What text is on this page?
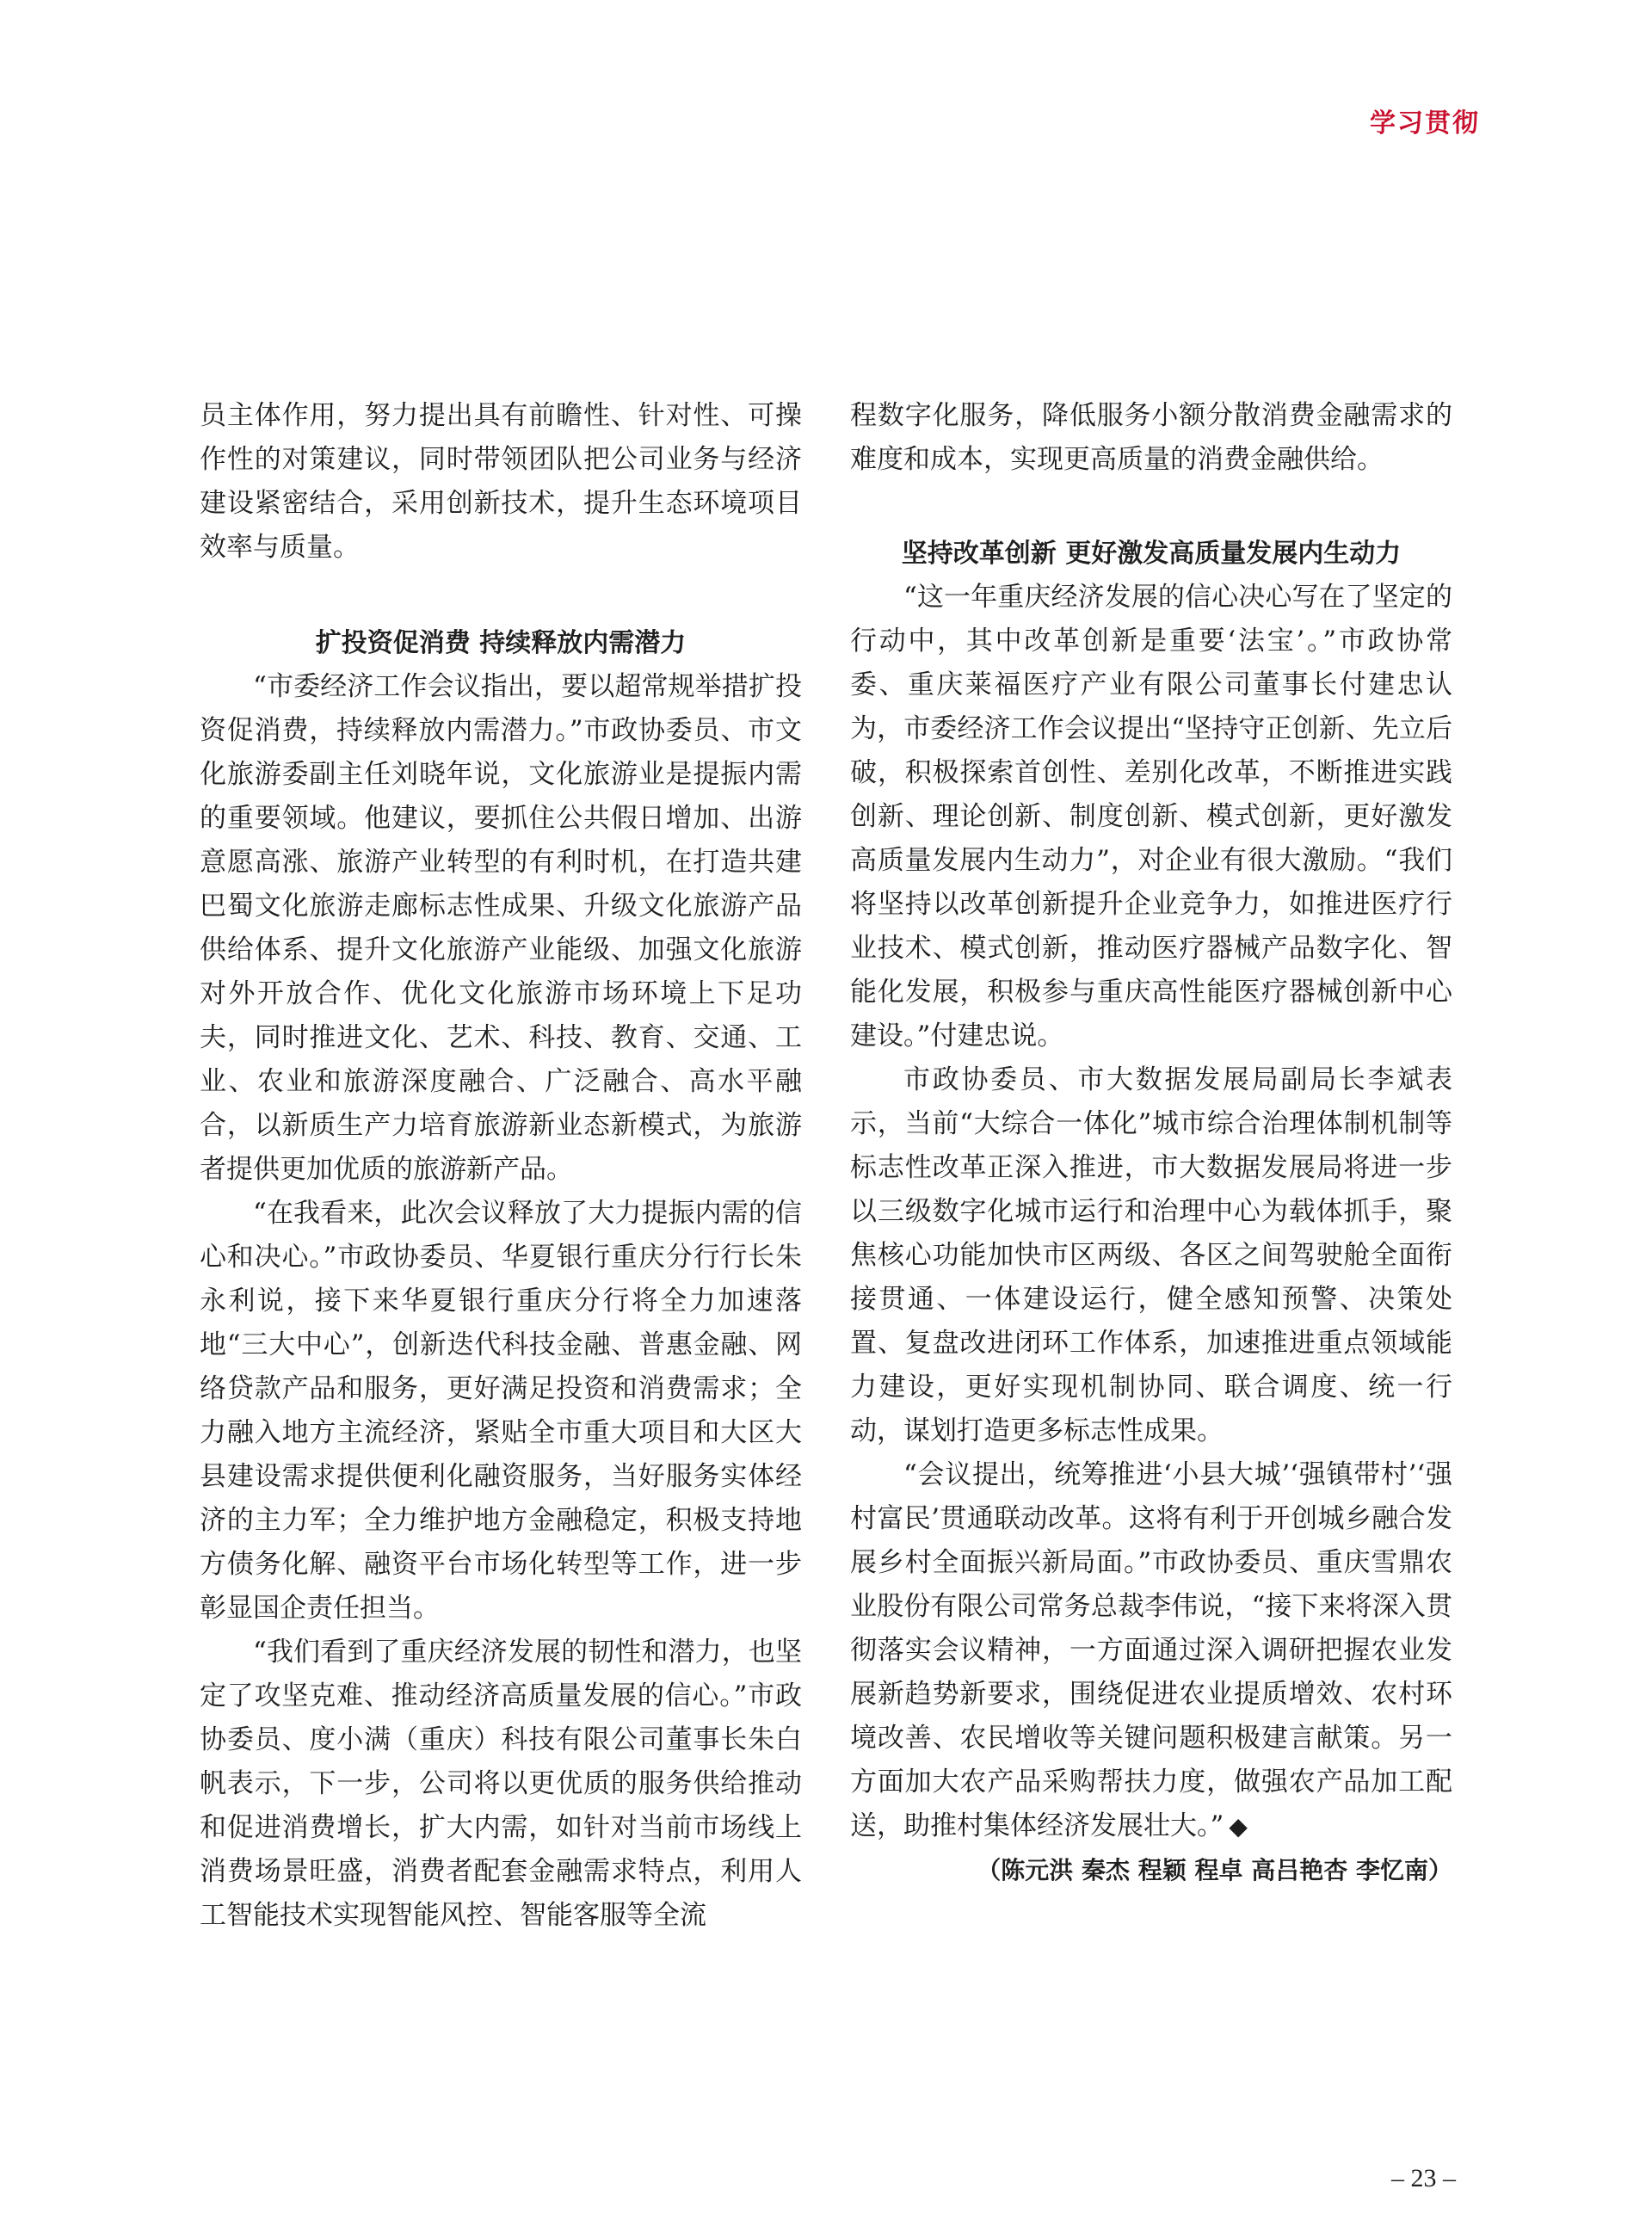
学习贯彻

员主体作用，努力提出具有前瞻性、针对性、可操作性的对策建议，同时带领团队把公司业务与经济建设紧密结合，采用创新技术，提升生态环境项目效率与质量。

扩投资促消费 持续释放内需潜力

“市委经济工作会议指出，要以超常规举措扩投资促消费，持续释放内需潜力。”市政协委员、市文化旅游委副主任刘晓年说，文化旅游业是提振内需的重要领域。他建议，要抓住公共假日增加、出游意愿高涨、旅游产业转型的有利时机，在打造共建巴蜀文化旅游走廊标志性成果、升级文化旅游产品供给体系、提升文化旅游产业能级、加强文化旅游对外开放合作、优化文化旅游市场环境上下足功夫，同时推进文化、艺术、科技、教育、交通、工业、农业和旅游深度融合、广泛融合、高水平融合，以新质生产力培育旅游新业态新模式，为旅游者提供更加优质的旅游新产品。

“在我看来，此次会议释放了大力提振内需的信心和决心。”市政协委员、华夏银行重庆分行行长朱永利说，接下来华夏银行重庆分行将全力加速落地“三大中心”，创新迭代科技金融、普惠金融、网络贷款产品和服务，更好满足投资和消费需求；全力融入地方主流经济，紧贴全市重大项目和大区大县建设需求提供便利化融资服务，当好服务实体经济的主力军；全力维护地方金融稳定，积极支持地方债务化解、融资平台市场化转型等工作，进一步彰显国企责任担当。

“我们看到了重庆经济发展的韧性和潜力，也坚定了攻坚克难、推动经济高质量发展的信心。”市政协委员、度小满（重庆）科技有限公司董事长朱白帆表示，下一步，公司将以更优质的服务供给推动和促进消费增长，扩大内需，如针对当前市场线上消费场景旺盛，消费者配套金融需求特点，利用人工智能技术实现智能风控、智能客服等全流

程数字化服务，降低服务小额分散消费金融需求的难度和成本，实现更高质量的消费金融供给。

坚持改革创新 更好激发高质量发展内生动力

“这一年重庆经济发展的信心决心写在了坚定的行动中，其中改革创新是重要‘法宝’。”市政协常委、重庆莱福医疗产业有限公司董事长付建忠认为，市委经济工作会议提出“坚持守正创新、先立后破，积极探索首创性、差别化改革，不断推进实践创新、理论创新、制度创新、模式创新，更好激发高质量发展内生动力”，对企业有很大激励。“我们将坚持以改革创新提升企业竞争力，如推进医疗行业技术、模式创新，推动医疗器械产品数字化、智能化发展，积极参与重庆高性能医疗器械创新中心建设。”付建忠说。

市政协委员、市大数据发展局副局长李斌表示，当前“大综合一体化”城市综合治理体制机制等标志性改革正深入推进，市大数据发展局将进一步以三级数字化城市运行和治理中心为载体抓手，聚焦核心功能加快市区两级、各区之间驾驶舱全面衔接贯通、一体建设运行，健全感知预警、决策处置、复盘改进闭环工作体系，加速推进重点领域能力建设，更好实现机制协同、联合调度、统一行动，谋划打造更多标志性成果。

“会议提出，统筹推进‘小县大城’‘强镇带村’‘强村富民’贯通联动改革。这将有利于开创城乡融合发展乡村全面振兴新局面。”市政协委员、重庆雪鼎农业股份有限公司常务总裁李伟说，“接下来将深入贯彻落实会议精神，一方面通过深入调研把握农业发展新趋势新要求，围绕促进农业提质增效、农村环境改善、农民增收等关键问题积极建言献策。另一方面加大农产品采购帮扶力度，做强农产品加工配送，助推村集体经济发展壮大。” ◆

（陈元洪 秦杰 程颖 程卓 高吕艳杏 李忆南）

– 23 –
